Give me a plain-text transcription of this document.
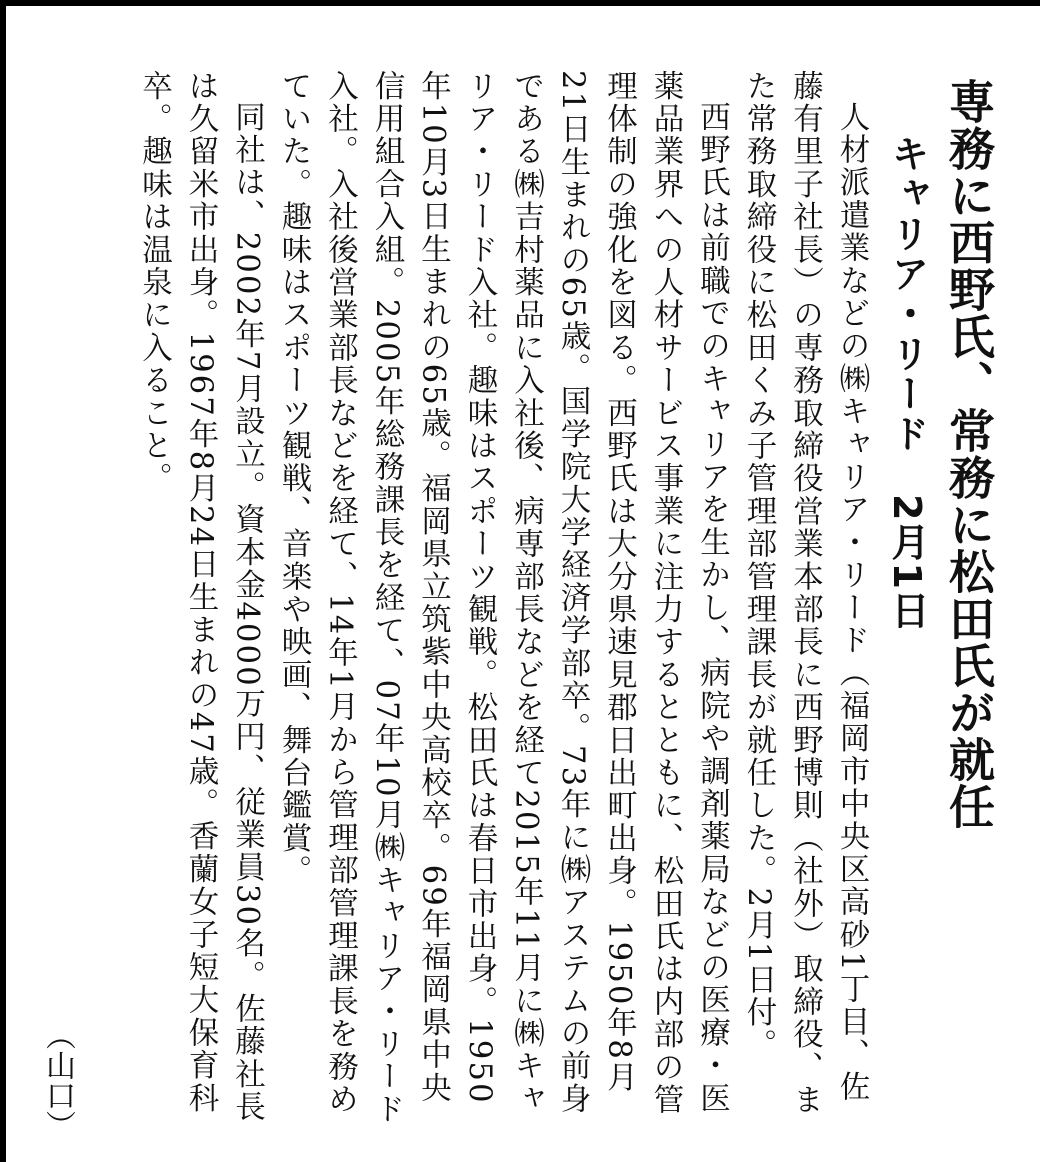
専務に西野氏、常務に松田氏が就任
キャリア・リード　2月1日

人材派遣業などの㈱キャリア・リード（福岡市中央区高砂1丁目、佐藤有里子社長）の専務取締役営業本部長に西野博則（社外）取締役、また常務取締役に松田くみ子管理部管理課長が就任した。2月1日付。

西野氏は前職でのキャリアを生かし、病院や調剤薬局などの医療・医薬品業界への人材サービス事業に注力するとともに、松田氏は内部の管理体制の強化を図る。西野氏は大分県速見郡日出町出身。1950年8月21日生まれの65歳。国学院大学経済学部卒。73年に㈱アステムの前身である㈱吉村薬品に入社後、病専部長などを経て2015年11月に㈱キャリア・リード入社。趣味はスポーツ観戦。松田氏は春日市出身。1950年10月3日生まれの65歳。福岡県立筑紫中央高校卒。69年福岡県中央信用組合入組。2005年総務課長を経て、07年10月㈱キャリア・リード入社。入社後営業部長などを経て、14年1月から管理部管理課長を務めていた。趣味はスポーツ観戦、音楽や映画、舞台鑑賞。

同社は、2002年7月設立。資本金4000万円、従業員30名。佐藤社長は久留米市出身。1967年8月24日生まれの47歳。香蘭女子短大保育科卒。趣味は温泉に入ること。

（山口）
